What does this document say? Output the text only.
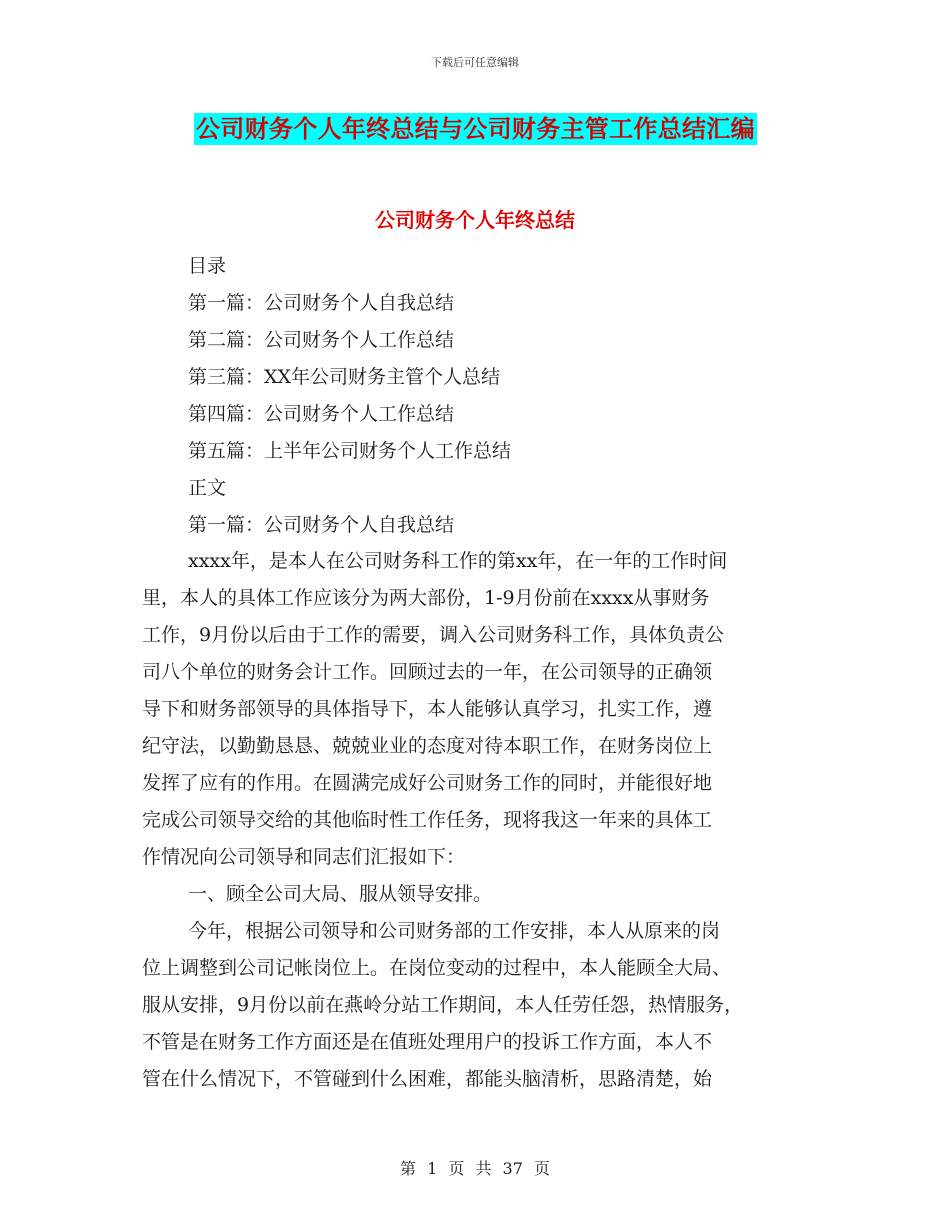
下载后可任意编辑
公司财务个人年终总结与公司财务主管工作总结汇编
公司财务个人年终总结
目录
第一篇：公司财务个人自我总结
第二篇：公司财务个人工作总结
第三篇：XX年公司财务主管个人总结
第四篇：公司财务个人工作总结
第五篇：上半年公司财务个人工作总结
正文
第一篇：公司财务个人自我总结

xxxx年，是本人在公司财务科工作的第xx年，在一年的工作时间

里，本人的具体工作应该分为两大部份，1-9月份前在xxxx从事财务

工作，9月份以后由于工作的需要，调入公司财务科工作，具体负责公

司八个单位的财务会计工作。回顾过去的一年，在公司领导的正确领

导下和财务部领导的具体指导下，本人能够认真学习，扎实工作，遵

纪守法，以勤勤恳恳、兢兢业业的态度对待本职工作，在财务岗位上

发挥了应有的作用。在圆满完成好公司财务工作的同时，并能很好地

完成公司领导交给的其他临时性工作任务，现将我这一年来的具体工

作情况向公司领导和同志们汇报如下：

一、顾全公司大局、服从领导安排。

今年，根据公司领导和公司财务部的工作安排，本人从原来的岗

位上调整到公司记帐岗位上。在岗位变动的过程中，本人能顾全大局、

服从安排，9月份以前在燕岭分站工作期间，本人任劳任怨，热情服务，

不管是在财务工作方面还是在值班处理用户的投诉工作方面，本人不

管在什么情况下，不管碰到什么困难，都能头脑清析，思路清楚，始

第 1 页 共 37 页
